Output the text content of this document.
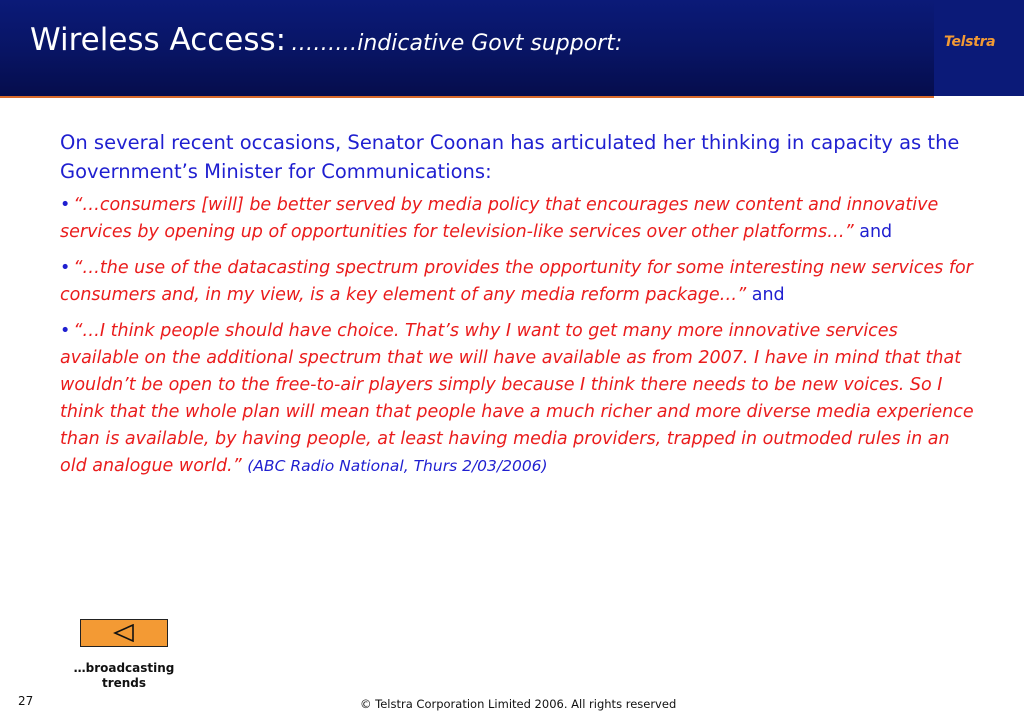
Wireless Access: ………indicative Govt support:	Telstra

On several recent occasions, Senator Coonan has articulated her thinking in capacity as the Government’s Minister for Communications:

• “…consumers [will] be better served by media policy that encourages new content and innovative services by opening up of opportunities for television-like services over other platforms…” and

• “…the use of the datacasting spectrum provides the opportunity for some interesting new services for consumers and, in my view, is a key element of any media reform package…” and

• “…I think people should have choice. That’s why I want to get many more innovative services available on the additional spectrum that we will have available as from 2007. I have in mind that that wouldn’t be open to the free-to-air players simply because I think there needs to be new voices. So I think that the whole plan will mean that people have a much richer and more diverse media experience than is available, by having people, at least having media providers, trapped in outmoded rules in an old analogue world.” (ABC Radio National, Thurs 2/03/2006)

…broadcasting
trends
27	© Telstra Corporation Limited 2006. All rights reserved
